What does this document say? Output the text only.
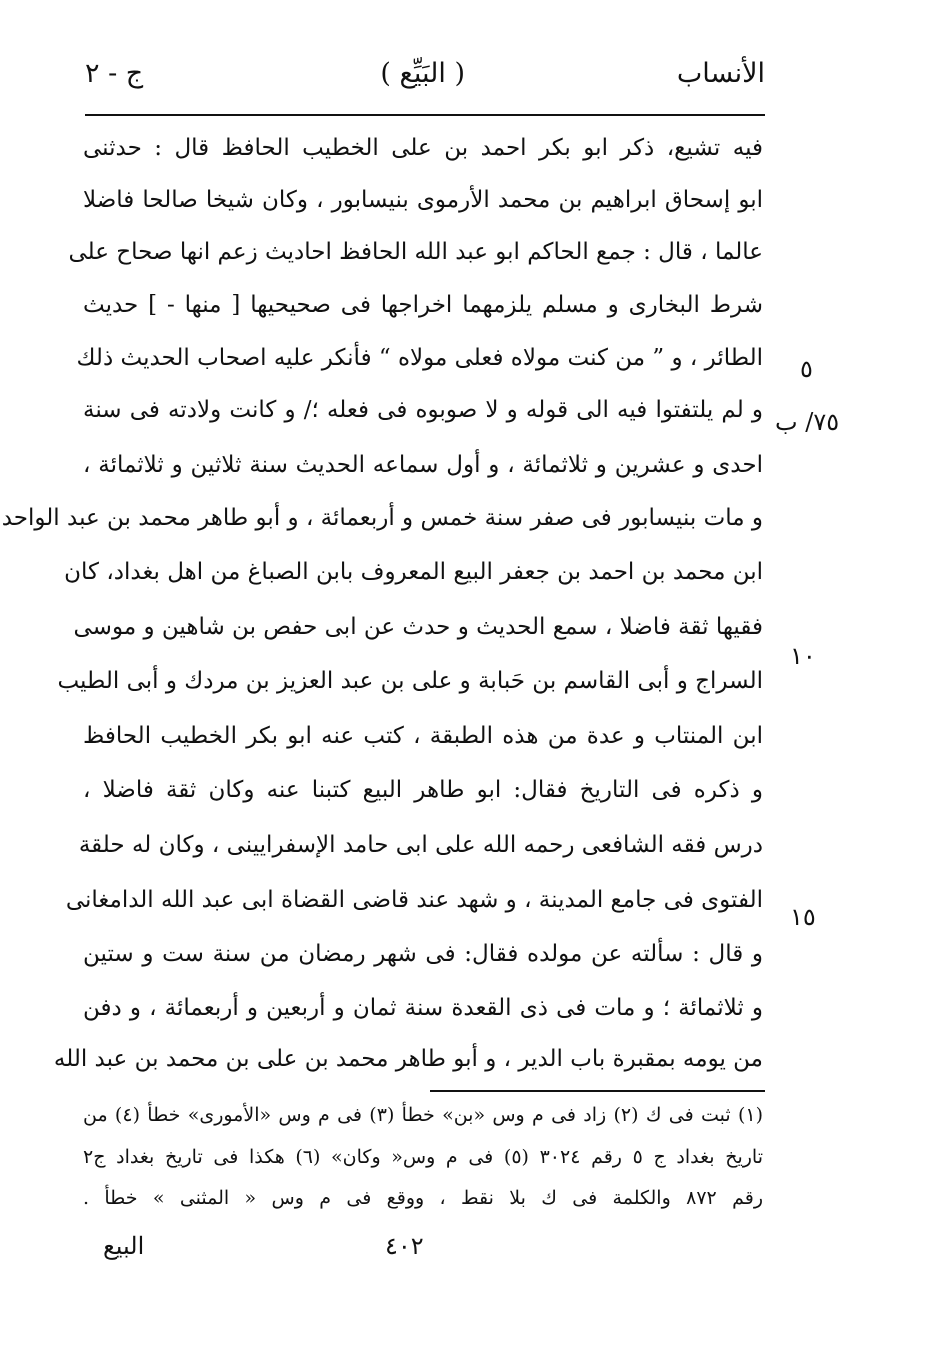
الأنساب
( البَيِّع )
ج - ٢
فيه تشيع، ذكر ابو بكر احمد بن على الخطيب الحافظ قال : حدثنى
ابو إسحاق ابراهيم بن محمد الأرموى بنيسابور ، وكان شيخا صالحا فاضلا
عالما ، قال : جمع الحاكم ابو عبد الله الحافظ احاديث زعم انها صحاح على
شرط البخارى و مسلم يلزمهما اخراجها فى صحيحيها [ منها - ] حديث
الطائر ، و ” من كنت مولاه فعلى مولاه “ فأنكر عليه اصحاب الحديث ذلك
و لم يلتفتوا فيه الى قوله و لا صوبوه فى فعله ؛/ و كانت ولادته فى سنة
احدى و عشرين و ثلاثمائة ، و أول سماعه الحديث سنة ثلاثين و ثلاثمائة ،
و مات بنيسابور فى صفر سنة خمس و أربعمائة ، و أبو طاهر محمد بن عبد الواحد
ابن محمد بن احمد بن جعفر البيع المعروف بابن الصباغ من اهل بغداد، كان
فقيها ثقة فاضلا ، سمع الحديث و حدث عن ابى حفص بن شاهين و موسى
السراج و أبى القاسم بن حَبابة و على بن عبد العزيز بن مردك و أبى الطيب
ابن المنتاب و عدة من هذه الطبقة ، كتب عنه ابو بكر الخطيب الحافظ
و ذكره فى التاريخ فقال: ابو طاهر البيع كتبنا عنه وكان ثقة فاضلا ،
درس فقه الشافعى رحمه الله على ابى حامد الإسفرايينى ، وكان له حلقة
الفتوى فى جامع المدينة ، و شهد عند قاضى القضاة ابى عبد الله الدامغانى
و قال : سألته عن مولده فقال: فى شهر رمضان من سنة ست و ستين
و ثلاثمائة ؛ و مات فى ذى القعدة سنة ثمان و أربعين و أربعمائة ، و دفن
من يومه بمقبرة باب الدير ، و أبو طاهر محمد بن على بن محمد بن عبد الله
٥
٧٥/ ب
١٠
١٥
(١) ثبت فى ك (٢) زاد فى م وس «بن» خطأ (٣) فى م وس «الأمورى» خطأ (٤) من
تاريخ بغداد ج ٥ رقم ٣٠٢٤ (٥) فى م وس« وكان» (٦) هكذا فى تاريخ بغداد ج٢
رقم ٨٧٢ والكلمة فى ك بلا نقط ، ووقع فى م وس « المثنى » خطأ .
٤٠٢
البيع
